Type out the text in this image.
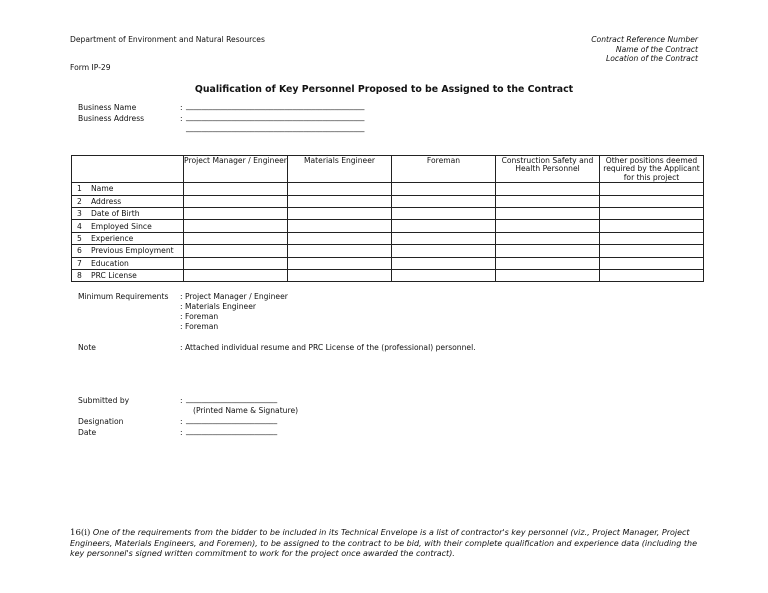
Department of Environment and Natural Resources
Form IP-29
Contract Reference Number
Name of the Contract
Location of the Contract
Qualification of Key Personnel Proposed to be Assigned to the Contract
Business Name	: _______________________________________________
Business Address	: _______________________________________________
_______________________________________________
	Project Manager / Engineer	Materials Engineer	Foreman	Construction Safety and Health Personnel	Other positions deemed required by the Applicant for this project
1 Name					
2 Address					
3 Date of Birth					
4 Employed Since					
5 Experience					
6 Previous Employment					
7 Education					
8 PRC License					
Minimum Requirements : Project Manager / Engineer
: Materials Engineer
: Foreman
: Foreman
Note	: Attached individual resume and PRC License of the (professional) personnel.
Submitted by	: ________________________
(Printed Name & Signature)
Designation	: ________________________
Date	: ________________________
16(i) One of the requirements from the bidder to be included in its Technical Envelope is a list of contractor's key personnel (viz., Project Manager, Project Engineers, Materials Engineers, and Foremen), to be assigned to the contract to be bid, with their complete qualification and experience data (including the key personnel's signed written commitment to work for the project once awarded the contract).
